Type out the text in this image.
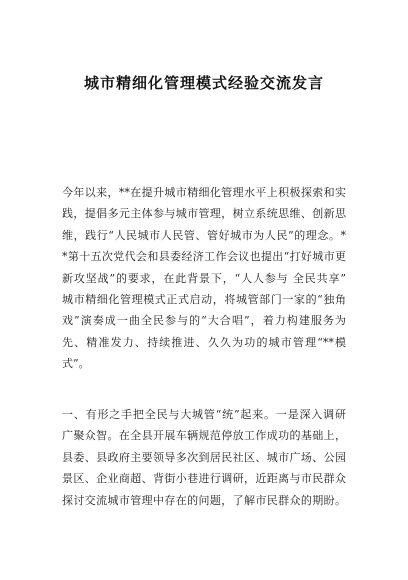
城市精细化管理模式经验交流发言
今年以来，**在提升城市精细化管理水平上积极探索和实
践，提倡多元主体参与城市管理，树立系统思维、创新思
维，践行“人民城市人民管、管好城市为人民”的理念。*
*第十五次党代会和县委经济工作会议也提出“打好城市更
新攻坚战”的要求，在此背景下，“人人参与 全民共享”
城市精细化管理模式正式启动，将城管部门一家的“独角
戏”演奏成一曲全民参与的“大合唱”，着力构建服务为
先、精准发力、持续推进、久久为功的城市管理“**模
式”。
一、有形之手把全民与大城管“统”起来。一是深入调研
广聚众智。在全县开展车辆规范停放工作成功的基础上，
县委、县政府主要领导多次到居民社区、城市广场、公园
景区、企业商超、背街小巷进行调研，近距离与市民群众
探讨交流城市管理中存在的问题，了解市民群众的期盼。
